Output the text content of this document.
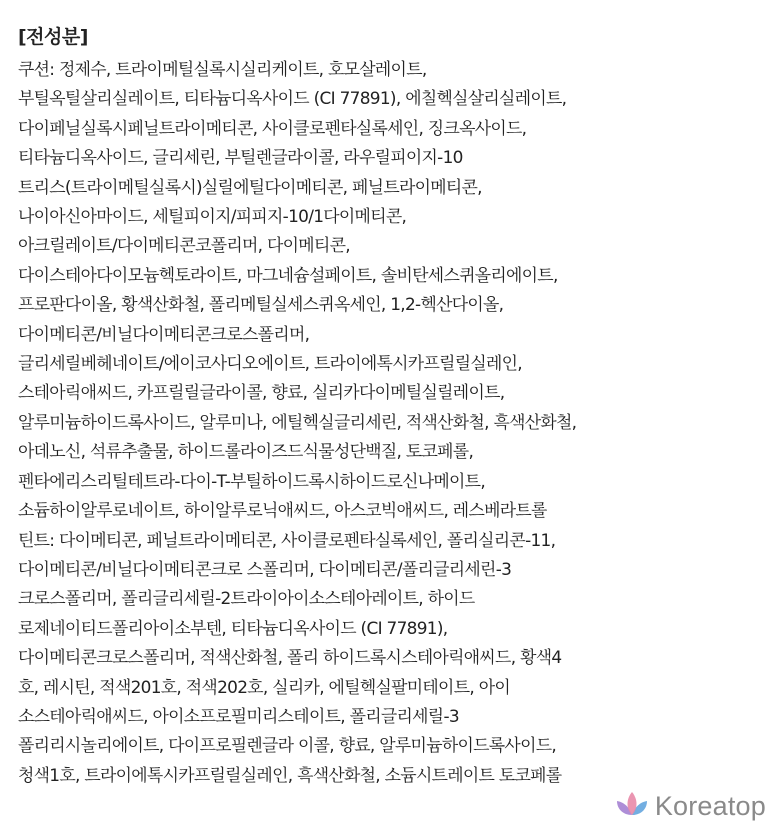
[전성분]
쿠션: 정제수, 트라이메틸실록시실리케이트, 호모살레이트,
부틸옥틸살리실레이트, 티타늄디옥사이드 (CI 77891), 에칠헥실살리실레이트,
다이페닐실록시페닐트라이메티콘, 사이클로펜타실록세인, 징크옥사이드,
티타늄디옥사이드, 글리세린, 부틸렌글라이콜, 라우릴피이지-10
트리스(트라이메틸실록시)실릴에틸다이메티콘, 페닐트라이메티콘,
나이아신아마이드, 세틸피이지/피피지-10/1다이메티콘,
아크릴레이트/다이메티콘코폴리머, 다이메티콘,
다이스테아다이모늄헥토라이트, 마그네슘설페이트, 솔비탄세스퀴올리에이트,
프로판다이올, 황색산화철, 폴리메틸실세스퀴옥세인, 1,2-헥산다이올,
다이메티콘/비닐다이메티콘크로스폴리머,
글리세릴베헤네이트/에이코사디오에이트, 트라이에톡시카프릴릴실레인,
스테아릭애씨드, 카프릴릴글라이콜, 향료, 실리카다이메틸실릴레이트,
알루미늄하이드록사이드, 알루미나, 에틸헥실글리세린, 적색산화철, 흑색산화철,
아데노신, 석류추출물, 하이드롤라이즈드식물성단백질, 토코페롤,
펜타에리스리틸테트라-다이-T-부틸하이드록시하이드로신나메이트,
소듐하이알루로네이트, 하이알루로닉애씨드, 아스코빅애씨드, 레스베라트롤
틴트: 다이메티콘, 페닐트라이메티콘, 사이클로펜타실록세인, 폴리실리콘-11,
다이메티콘/비닐다이메티콘크로 스폴리머, 다이메티콘/폴리글리세린-3
크로스폴리머, 폴리글리세릴-2트라이아이소스테아레이트, 하이드
로제네이티드폴리아이소부텐, 티타늄디옥사이드 (CI 77891),
다이메티콘크로스폴리머, 적색산화철, 폴리 하이드록시스테아릭애씨드, 황색4
호, 레시틴, 적색201호, 적색202호, 실리카, 에틸헥실팔미테이트, 아이
소스테아릭애씨드, 아이소프로필미리스테이트, 폴리글리세릴-3
폴리리시놀리에이트, 다이프로필렌글라 이콜, 향료, 알루미늄하이드록사이드,
청색1호, 트라이에톡시카프릴릴실레인, 흑색산화철, 소듐시트레이트 토코페롤
Koreatop
